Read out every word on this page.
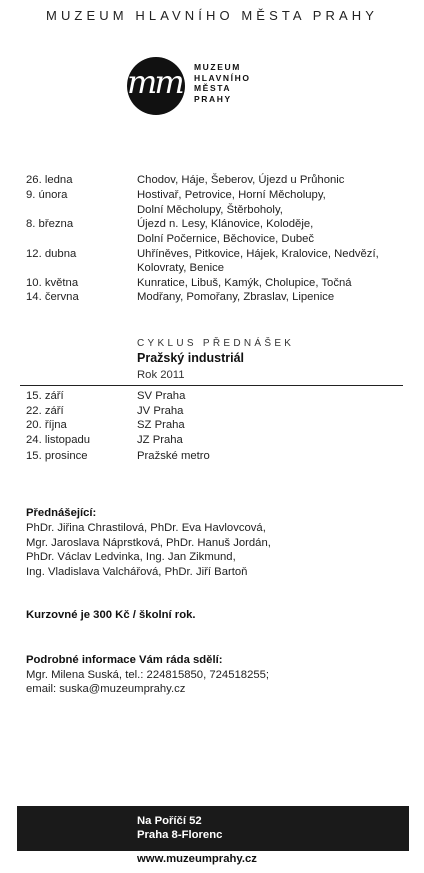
MUZEUM HLAVNÍHO MĚSTA PRAHY
mmp
MUZEUM
HLAVNÍHO
MĚSTA
PRAHY
26. ledna	Chodov, Háje, Šeberov, Újezd u Průhonic
9. února	Hostivař, Petrovice, Horní Měcholupy,
Dolní Měcholupy, Štěrboholy,
8. března	Újezd n. Lesy, Klánovice, Koloděje,
Dolní Počernice, Běchovice, Dubeč
12. dubna	Uhříněves, Pitkovice, Hájek, Kralovice, Nedvězí,
Kolovraty, Benice
10. května	Kunratice, Libuš, Kamýk, Cholupice, Točná
14. června	Modřany, Pomořany, Zbraslav, Lipenice
CYKLUS PŘEDNÁŠEK
Pražský industriál
Rok 2011
15. září	SV Praha
22. září	JV Praha
20. října	SZ Praha
24. listopadu	JZ Praha
15. prosince	Pražské metro
Přednášející:
PhDr. Jiřina Chrastilová, PhDr. Eva Havlovcová,
Mgr. Jaroslava Náprstková, PhDr. Hanuš Jordán,
PhDr. Václav Ledvinka, Ing. Jan Zikmund,
Ing. Vladislava Valchářová, PhDr. Jiří Bartoň
Kurzovné je 300 Kč / školní rok.
Podrobné informace Vám ráda sdělí:
Mgr. Milena Suská, tel.: 224815850, 724518255;
email: suska@muzeumprahy.cz
Na Poříčí 52
Praha 8-Florenc
www.muzeumprahy.cz
